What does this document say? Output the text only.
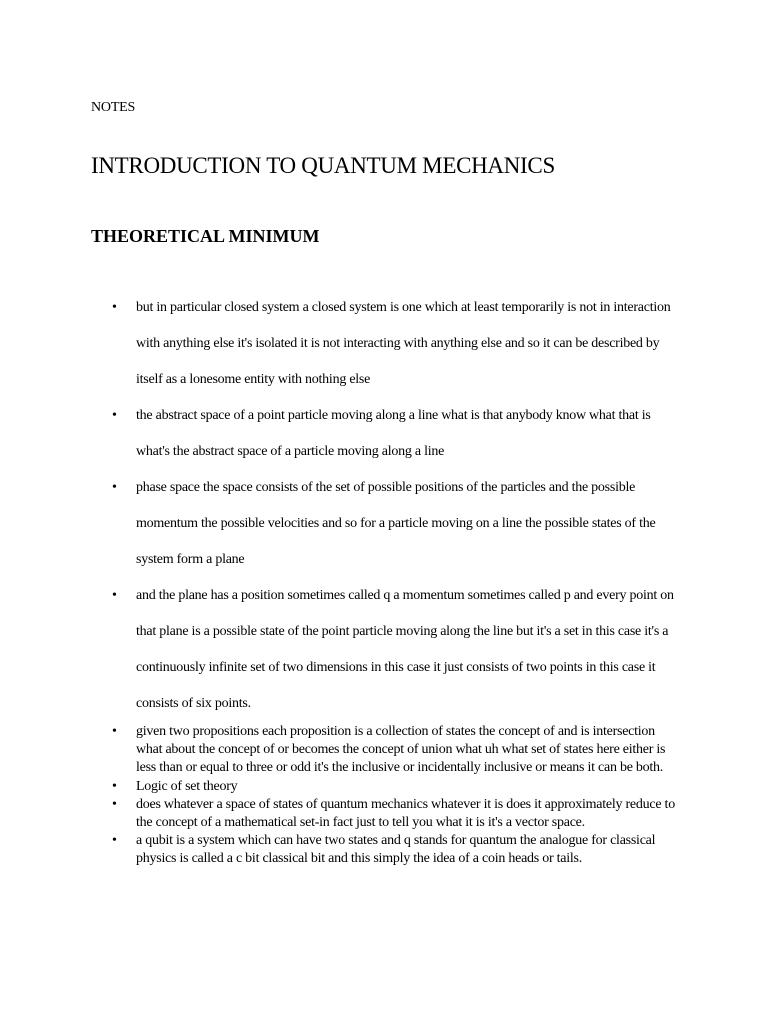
NOTES
INTRODUCTION TO QUANTUM MECHANICS
THEORETICAL MINIMUM
• but in particular closed system a closed system is one which at least temporarily is not in interaction with anything else it's isolated it is not interacting with anything else and so it can be described by itself as a lonesome entity with nothing else
• the abstract space of a point particle moving along a line what is that anybody know what that is what's the abstract space of a particle moving along a line
• phase space the space consists of the set of possible positions of the particles and the possible momentum the possible velocities and so for a particle moving on a line the possible states of the system form a plane
• and the plane has a position sometimes called q a momentum sometimes called p and every point on that plane is a possible state of the point particle moving along the line but it's a set in this case it's a continuously infinite set of two dimensions in this case it just consists of two points in this case it consists of six points.
• given two propositions each proposition is a collection of states the concept of and is intersection what about the concept of or becomes the concept of union what uh what set of states here either is less than or equal to three or odd it's the inclusive or incidentally inclusive or means it can be both.
• Logic of set theory
• does whatever a space of states of quantum mechanics whatever it is does it approximately reduce to the concept of a mathematical set-in fact just to tell you what it is it's a vector space.
• a qubit is a system which can have two states and q stands for quantum the analogue for classical physics is called a c bit classical bit and this simply the idea of a coin heads or tails.
